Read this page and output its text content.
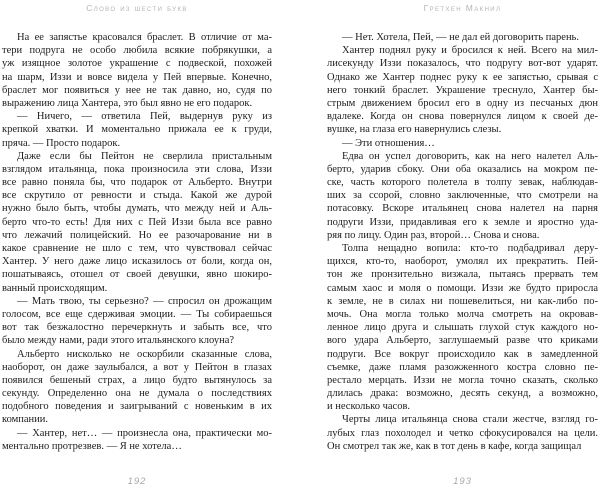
Слово из шести букв
На ее запястье красовался браслет. В отличие от ма-
тери подруга не особо любила всякие побрякушки, а
уж изящное золотое украшение с подвеской, похожей
на шарм, Иззи и вовсе видела у Пей впервые. Конечно,
браслет мог появиться у нее не так давно, но, судя по
выражению лица Хантера, это был явно не его подарок.
— Ничего, — ответила Пей, выдернув руку из
крепкой хватки. И моментально прижала ее к груди,
пряча. — Просто подарок.
Даже если бы Пейтон не сверлила пристальным
взглядом итальянца, пока произносила эти слова, Иззи
все равно поняла бы, что подарок от Альберто. Внутри
все скрутило от ревности и стыда. Какой же дурой
нужно было быть, чтобы думать, что между ней и Аль-
берто что-то есть! Для них с Пей Иззи была все равно
что лежачий полицейский. Но ее разочарование ни в
какое сравнение не шло с тем, что чувствовал сейчас
Хантер. У него даже лицо исказилось от боли, когда он,
пошатываясь, отошел от своей девушки, явно шокиро-
ванный происходящим.
— Мать твою, ты серьезно? — спросил он дрожащим
голосом, все еще сдерживая эмоции. — Ты собираешься
вот так безжалостно перечеркнуть и забыть все, что
было между нами, ради этого итальянского клоуна?
Альберто нисколько не оскорбили сказанные слова,
наоборот, он даже заулыбался, а вот у Пейтон в глазах
появился бешеный страх, а лицо будто вытянулось за
секунду. Определенно она не думала о последствиях
подобного поведения и заигрываний с новеньким в их
компании.
— Хантер, нет… — произнесла она, практически мо-
ментально протрезвев. — Я не хотела…
192
Гретхен Макнил
— Нет. Хотела, Пей, — не дал ей договорить парень.
Хантер поднял руку и бросился к ней. Всего на мил-
лисекунду Иззи показалось, что подругу вот-вот ударят.
Однако же Хантер поднес руку к ее запястью, срывая с
него тонкий браслет. Украшение треснуло, Хантер бы-
стрым движением бросил его в одну из песчаных дюн
вдалеке. Когда он снова повернулся лицом к своей де-
вушке, на глаза его навернулись слезы.
— Эти отношения…
Едва он успел договорить, как на него налетел Аль-
берто, ударив сбоку. Они оба оказались на мокром пе-
ске, часть которого полетела в толпу зевак, наблюдав-
ших за ссорой, словно заключенные, что смотрели на
потасовку. Вскоре итальянец снова налетел на парня
подруги Иззи, придавливая его к земле и яростно уда-
ряя по лицу. Один раз, второй… Снова и снова.
Толпа нещадно вопила: кто-то подбадривал деру-
щихся, кто-то, наоборот, умолял их прекратить. Пей-
тон же пронзительно визжала, пытаясь прервать тем
самым хаос и моля о помощи. Иззи же будто приросла
к земле, не в силах ни пошевелиться, ни как-либо по-
мочь. Она могла только молча смотреть на окровав-
ленное лицо друга и слышать глухой стук каждого но-
вого удара Альберто, заглушаемый разве что криками
подруги. Все вокруг происходило как в замедленной
съемке, даже пламя разожженного костра словно пе-
рестало мерцать. Иззи не могла точно сказать, сколько
длилась драка: возможно, десять секунд, а возможно,
и несколько часов.
Черты лица итальянца снова стали жестче, взгляд го-
лубых глаз похолодел и четко сфокусировался на цели.
Он смотрел так же, как в тот день в кафе, когда защищал
193
